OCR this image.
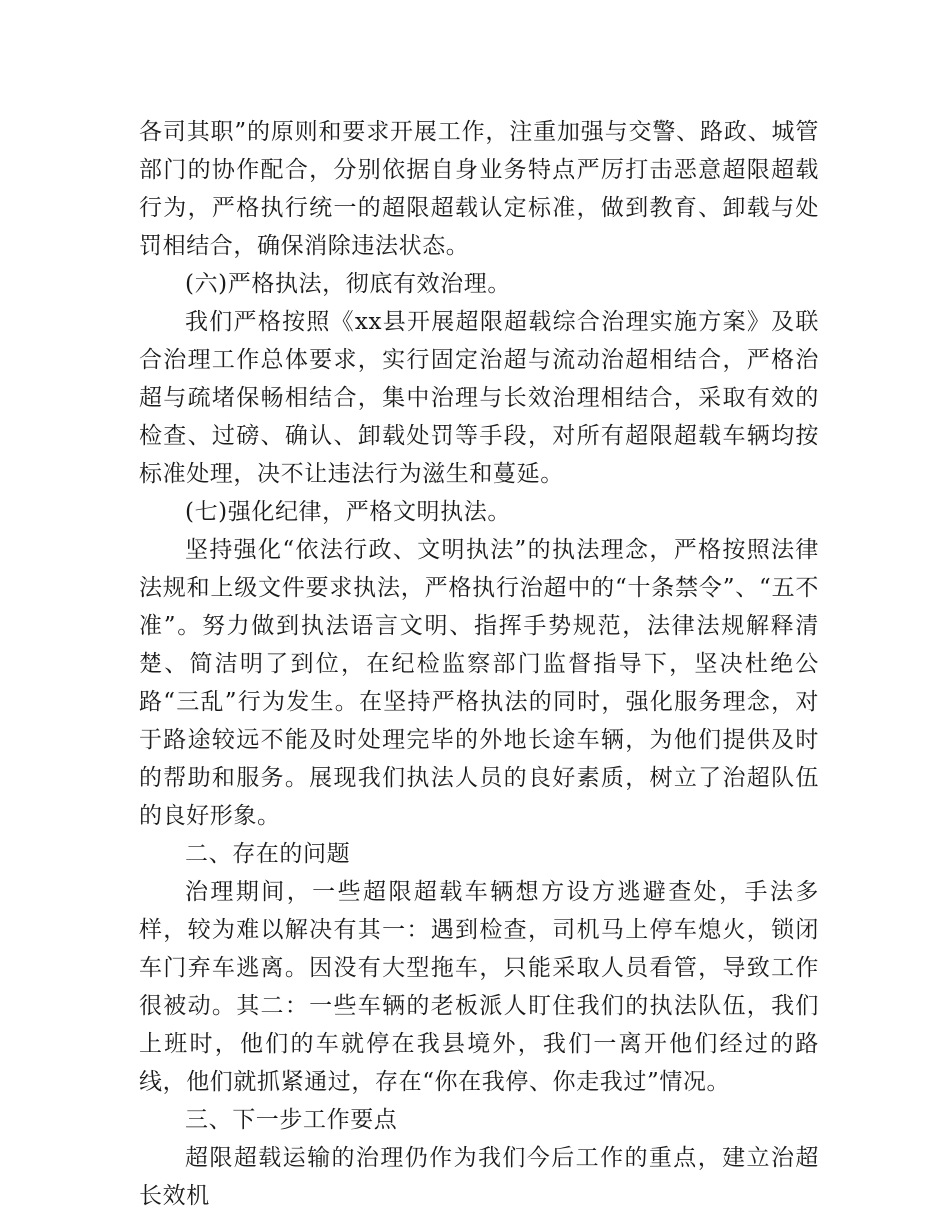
各司其职”的原则和要求开展工作，注重加强与交警、路政、城管部门的协作配合，分别依据自身业务特点严厉打击恶意超限超载行为，严格执行统一的超限超载认定标准，做到教育、卸载与处罚相结合，确保消除违法状态。

(六)严格执法，彻底有效治理。

我们严格按照《xx县开展超限超载综合治理实施方案》及联合治理工作总体要求，实行固定治超与流动治超相结合，严格治超与疏堵保畅相结合，集中治理与长效治理相结合，采取有效的检查、过磅、确认、卸载处罚等手段，对所有超限超载车辆均按标准处理，决不让违法行为滋生和蔓延。

(七)强化纪律，严格文明执法。

坚持强化“依法行政、文明执法”的执法理念，严格按照法律法规和上级文件要求执法，严格执行治超中的“十条禁令”、“五不准”。努力做到执法语言文明、指挥手势规范，法律法规解释清楚、简洁明了到位，在纪检监察部门监督指导下，坚决杜绝公路“三乱”行为发生。在坚持严格执法的同时，强化服务理念，对于路途较远不能及时处理完毕的外地长途车辆，为他们提供及时的帮助和服务。展现我们执法人员的良好素质，树立了治超队伍的良好形象。

二、存在的问题

治理期间，一些超限超载车辆想方设方逃避查处，手法多样，较为难以解决有其一：遇到检查，司机马上停车熄火，锁闭车门弃车逃离。因没有大型拖车，只能采取人员看管，导致工作很被动。其二：一些车辆的老板派人盯住我们的执法队伍，我们上班时，他们的车就停在我县境外，我们一离开他们经过的路线，他们就抓紧通过，存在“你在我停、你走我过”情况。

三、下一步工作要点

超限超载运输的治理仍作为我们今后工作的重点，建立治超长效机
